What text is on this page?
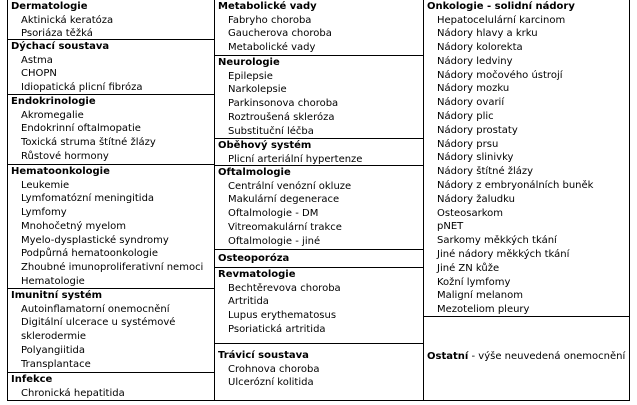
Dermatologie
Aktinická keratóza
Psoriáza těžká
Dýchací soustava
Astma
CHOPN
Idiopatická plicní fibróza
Endokrinologie
Akromegalie
Endokrinní oftalmopatie
Toxická struma štítné žlázy
Růstové hormony
Hematoonkologie
Leukemie
Lymfomatózní meningitida
Lymfomy
Mnohočetný myelom
Myelo-dysplastické syndromy
Podpůrná hematoonkologie
Zhoubné imunoproliferativní nemoci
Hematologie
Imunitní systém
Autoinflamatorní onemocnění
Digitální ulcerace u systémové
sklerodermie
Polyangiitida
Transplantace
Infekce
Chronická hepatitida
Metabolické vady
Fabryho choroba
Gaucherova choroba
Metabolické vady
Neurologie
Epilepsie
Narkolepsie
Parkinsonova choroba
Roztroušená skleróza
Substituční léčba
Oběhový systém
Plicní arteriální hypertenze
Oftalmologie
Centrální venózní okluze
Makulární degenerace
Oftalmologie - DM
Vitreomakulární trakce
Oftalmologie - jiné
Osteoporóza
Revmatologie
Bechtěrevova choroba
Artritida
Lupus erythematosus
Psoriatická artritida
Trávicí soustava
Crohnova choroba
Ulcerózní kolitida
Onkologie - solidní nádory
Hepatocelulární karcinom
Nádory hlavy a krku
Nádory kolorekta
Nádory ledviny
Nádory močového ústrojí
Nádory mozku
Nádory ovarií
Nádory plic
Nádory prostaty
Nádory prsu
Nádory slinivky
Nádory štítné žlázy
Nádory z embryonálních buněk
Nádory žaludku
Osteosarkom
pNET
Sarkomy měkkých tkání
Jiné nádory měkkých tkání
Jiné ZN kůže
Kožní lymfomy
Maligní melanom
Mezoteliom pleury
Ostatní - výše neuvedená onemocnění
